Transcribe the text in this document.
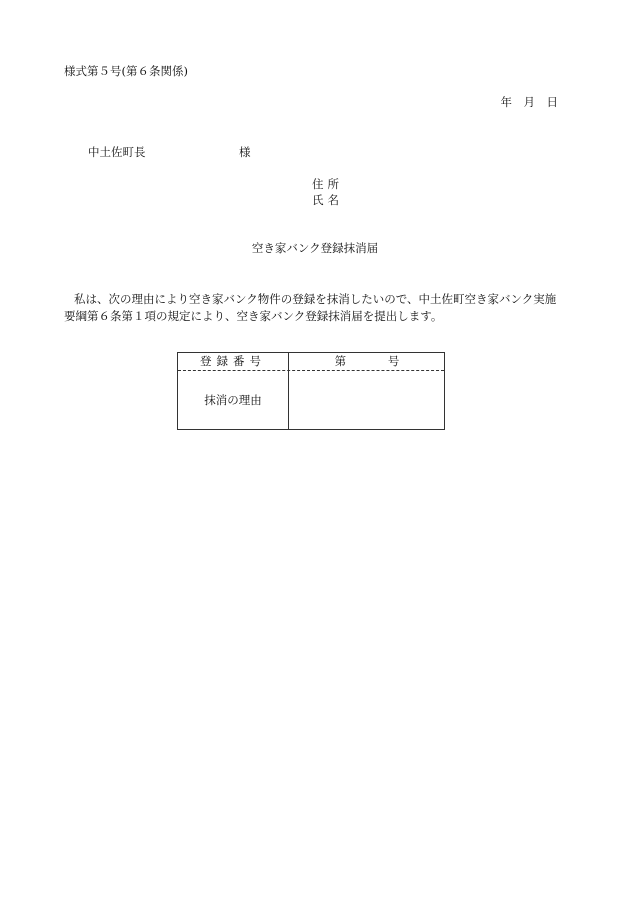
様式第５号(第６条関係)
年　月　日
中土佐町長	様
住所
氏名
空き家バンク登録抹消届
私は、次の理由により空き家バンク物件の登録を抹消したいので、中土佐町空き家バンク実施要綱第６条第１項の規定により、空き家バンク登録抹消届を提出します。
登録番号	第 号
抹消の理由
